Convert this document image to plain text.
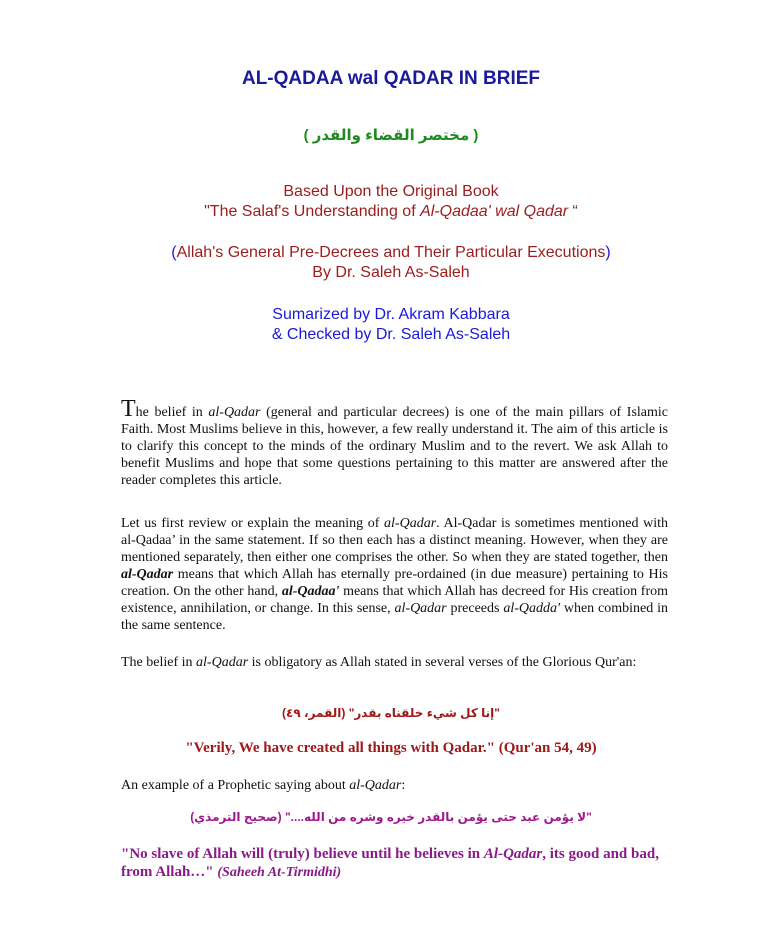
AL-QADAA wal QADAR IN BRIEF
( مختصر القضاء والقدر )
Based Upon the Original Book
"The Salaf's Understanding of Al-Qadaa' wal Qadar “
(Allah's General Pre-Decrees and Their Particular Executions)
By Dr. Saleh As-Saleh
Sumarized by Dr. Akram Kabbara
& Checked by Dr. Saleh As-Saleh
The belief in al-Qadar (general and particular decrees) is one of the main pillars of Islamic Faith. Most Muslims believe in this, however, a few really understand it. The aim of this article is to clarify this concept to the minds of the ordinary Muslim and to the revert. We ask Allah to benefit Muslims and hope that some questions pertaining to this matter are answered after the reader completes this article.
Let us first review or explain the meaning of al-Qadar. Al-Qadar is sometimes mentioned with al-Qadaa’ in the same statement. If so then each has a distinct meaning. However, when they are mentioned separately, then either one comprises the other. So when they are stated together, then al-Qadar means that which Allah has eternally pre-ordained (in due measure) pertaining to His creation. On the other hand, al-Qadaa' means that which Allah has decreed for His creation from existence, annihilation, or change. In this sense, al-Qadar preceeds al-Qadda' when combined in the same sentence.
The belief in al-Qadar is obligatory as Allah stated in several verses of the Glorious Qur'an:
"إنا كل شيء خلقناه بقدر" (القمر، ٤٩)
"Verily, We have created all things with Qadar." (Qur'an 54, 49)
An example of a Prophetic saying about al-Qadar:
"لا يؤمن عبد حتى يؤمن بالقدر خيره وشره من الله...." (صحيح الترمذي)
"No slave of Allah will (truly) believe until he believes in Al-Qadar, its good and bad, from Allah…" (Saheeh At-Tirmidhi)
